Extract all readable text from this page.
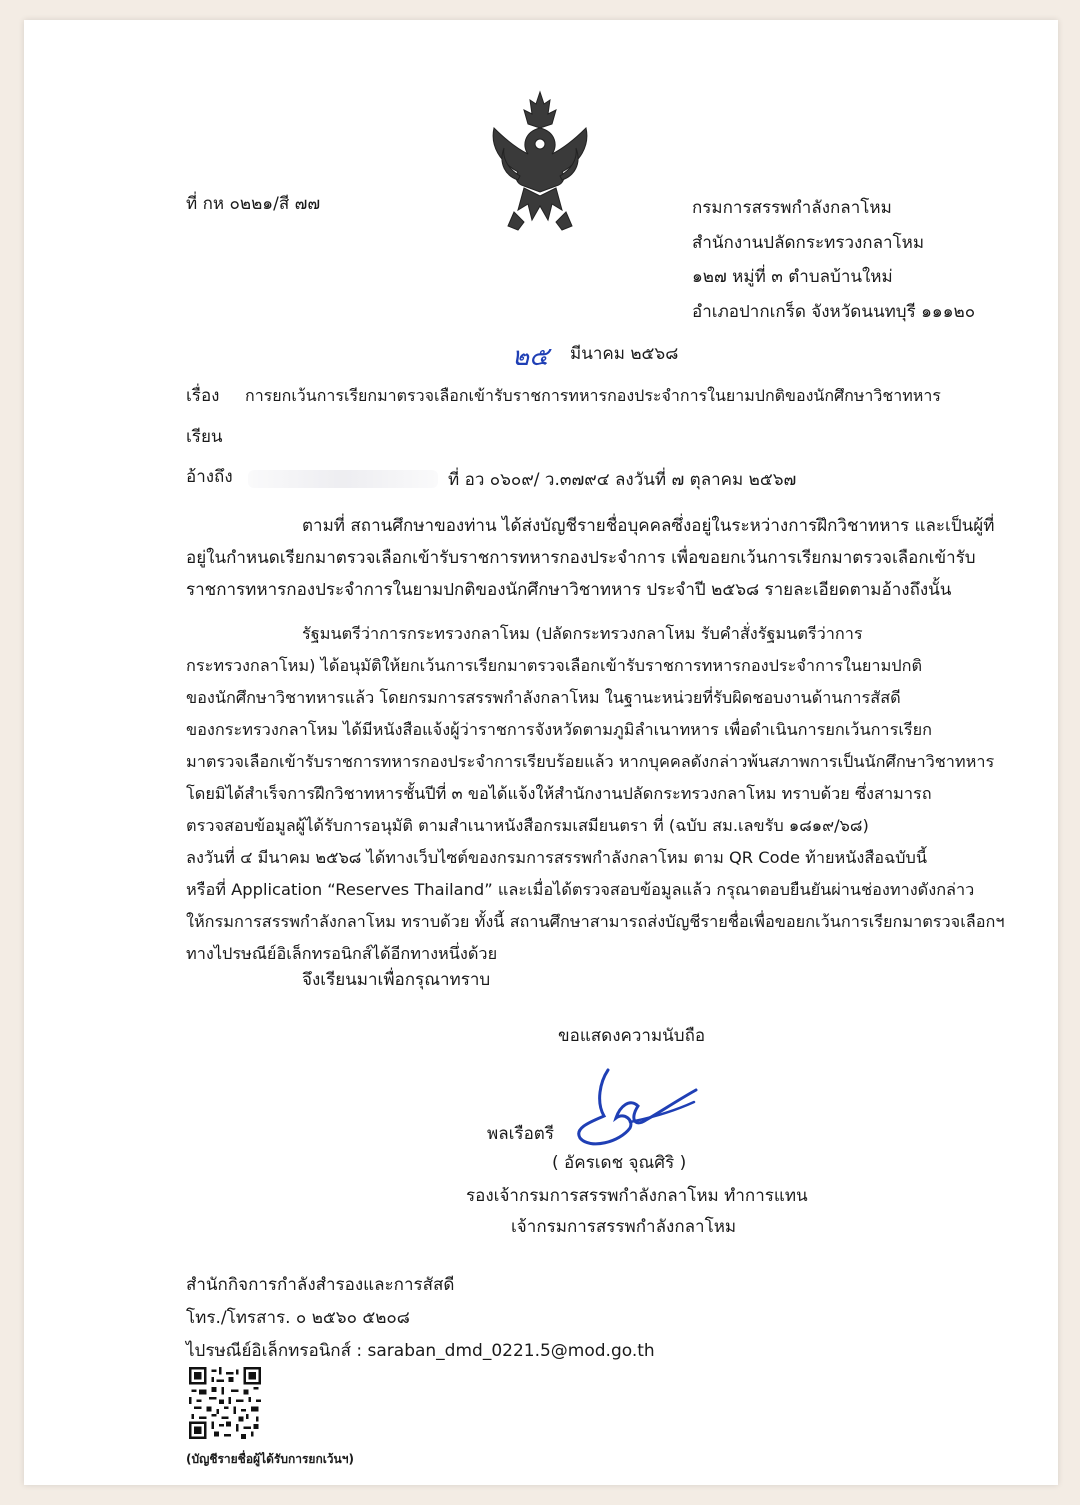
ที่ กห ๐๒๒๑/สี ๗๗	กรมการสรรพกำลังกลาโหม
สำนักงานปลัดกระทรวงกลาโหม
๑๒๗ หมู่ที่ ๓ ตำบลบ้านใหม่
อำเภอปากเกร็ด จังหวัดนนทบุรี ๑๑๑๒๐
๒๕ มีนาคม ๒๕๖๘
เรื่อง การยกเว้นการเรียกมาตรวจเลือกเข้ารับราชการทหารกองประจำการในยามปกติของนักศึกษาวิชาทหาร
เรียน
อ้างถึง	ที่ อว ๐๖๐๙/ ว.๓๗๙๔ ลงวันที่ ๗ ตุลาคม ๒๕๖๗

ตามที่ สถานศึกษาของท่าน ได้ส่งบัญชีรายชื่อบุคคลซึ่งอยู่ในระหว่างการฝึกวิชาทหาร และเป็นผู้ที่

อยู่ในกำหนดเรียกมาตรวจเลือกเข้ารับราชการทหารกองประจำการ เพื่อขอยกเว้นการเรียกมาตรวจเลือกเข้ารับ

ราชการทหารกองประจำการในยามปกติของนักศึกษาวิชาทหาร ประจำปี ๒๕๖๘ รายละเอียดตามอ้างถึงนั้น

รัฐมนตรีว่าการกระทรวงกลาโหม (ปลัดกระทรวงกลาโหม รับคำสั่งรัฐมนตรีว่าการ

กระทรวงกลาโหม) ได้อนุมัติให้ยกเว้นการเรียกมาตรวจเลือกเข้ารับราชการทหารกองประจำการในยามปกติ

ของนักศึกษาวิชาทหารแล้ว โดยกรมการสรรพกำลังกลาโหม ในฐานะหน่วยที่รับผิดชอบงานด้านการสัสดี

ของกระทรวงกลาโหม ได้มีหนังสือแจ้งผู้ว่าราชการจังหวัดตามภูมิลำเนาทหาร เพื่อดำเนินการยกเว้นการเรียก

มาตรวจเลือกเข้ารับราชการทหารกองประจำการเรียบร้อยแล้ว หากบุคคลดังกล่าวพ้นสภาพการเป็นนักศึกษาวิชาทหาร

โดยมิได้สำเร็จการฝึกวิชาทหารชั้นปีที่ ๓ ขอได้แจ้งให้สำนักงานปลัดกระทรวงกลาโหม ทราบด้วย ซึ่งสามารถ

ตรวจสอบข้อมูลผู้ได้รับการอนุมัติ ตามสำเนาหนังสือกรมเสมียนตรา ที่ (ฉบับ สม.เลขรับ ๑๘๑๙/๖๘)

ลงวันที่ ๔ มีนาคม ๒๕๖๘ ได้ทางเว็บไซต์ของกรมการสรรพกำลังกลาโหม ตาม QR Code ท้ายหนังสือฉบับนี้

หรือที่ Application “Reserves Thailand” และเมื่อได้ตรวจสอบข้อมูลแล้ว กรุณาตอบยืนยันผ่านช่องทางดังกล่าว

ให้กรมการสรรพกำลังกลาโหม ทราบด้วย ทั้งนี้ สถานศึกษาสามารถส่งบัญชีรายชื่อเพื่อขอยกเว้นการเรียกมาตรวจเลือกฯ

ทางไปรษณีย์อิเล็กทรอนิกส์ได้อีกทางหนึ่งด้วย

จึงเรียนมาเพื่อกรุณาทราบ
ขอแสดงความนับถือ
พลเรือตรี
( อัครเดช จุณศิริ )
รองเจ้ากรมการสรรพกำลังกลาโหม ทำการแทน
เจ้ากรมการสรรพกำลังกลาโหม
สำนักกิจการกำลังสำรองและการสัสดี
โทร./โทรสาร. ๐ ๒๕๖๐ ๕๒๐๘
ไปรษณีย์อิเล็กทรอนิกส์ : saraban_dmd_0221.5@mod.go.th
(บัญชีรายชื่อผู้ได้รับการยกเว้นฯ)
